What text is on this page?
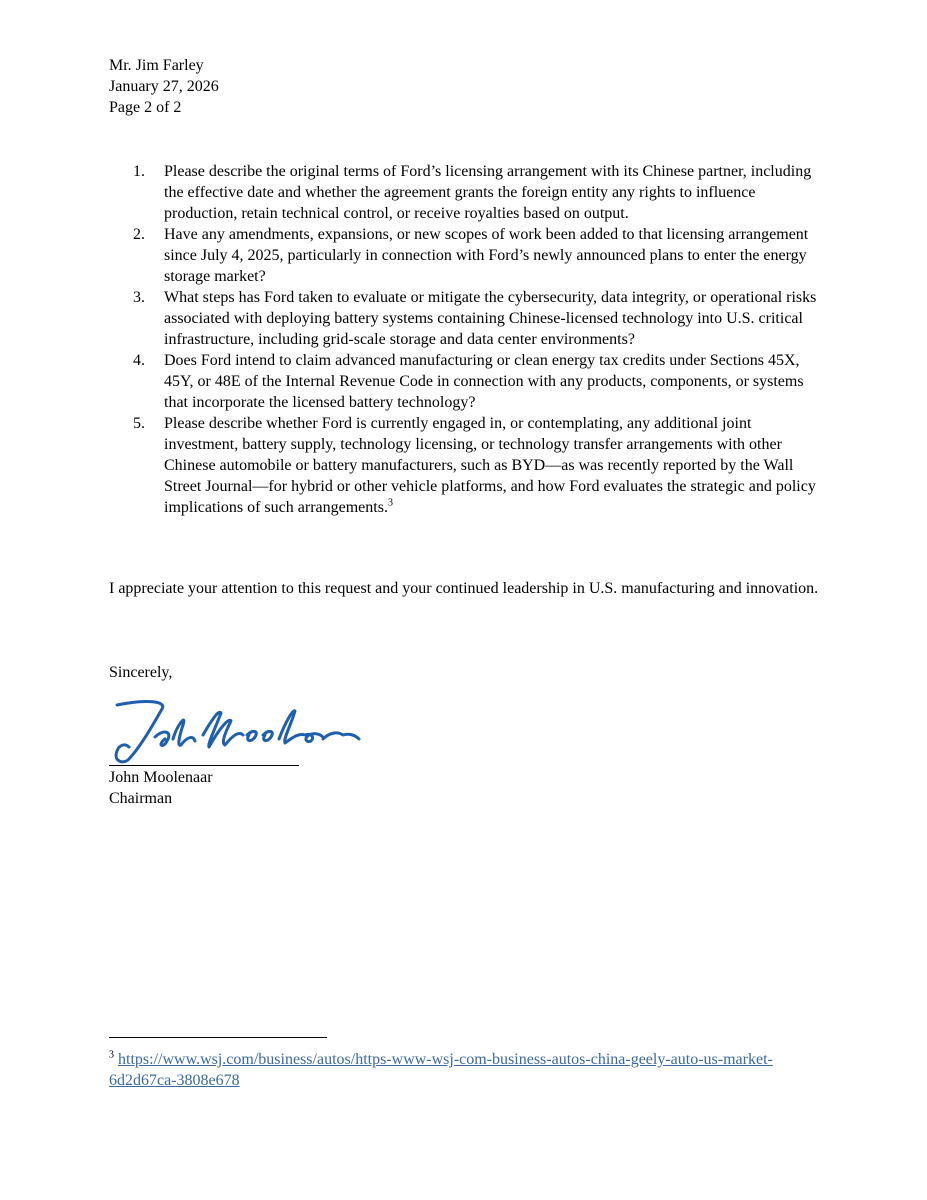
Mr. Jim Farley
January 27, 2026
Page 2 of 2
1. Please describe the original terms of Ford’s licensing arrangement with its Chinese partner, including the effective date and whether the agreement grants the foreign entity any rights to influence production, retain technical control, or receive royalties based on output.
2. Have any amendments, expansions, or new scopes of work been added to that licensing arrangement since July 4, 2025, particularly in connection with Ford’s newly announced plans to enter the energy storage market?
3. What steps has Ford taken to evaluate or mitigate the cybersecurity, data integrity, or operational risks associated with deploying battery systems containing Chinese-licensed technology into U.S. critical infrastructure, including grid-scale storage and data center environments?
4. Does Ford intend to claim advanced manufacturing or clean energy tax credits under Sections 45X, 45Y, or 48E of the Internal Revenue Code in connection with any products, components, or systems that incorporate the licensed battery technology?
5. Please describe whether Ford is currently engaged in, or contemplating, any additional joint investment, battery supply, technology licensing, or technology transfer arrangements with other Chinese automobile or battery manufacturers, such as BYD—as was recently reported by the Wall Street Journal—for hybrid or other vehicle platforms, and how Ford evaluates the strategic and policy implications of such arrangements.$^3$

I appreciate your attention to this request and your continued leadership in U.S. manufacturing and innovation.

Sincerely,
John Moolenaar
Chairman
$^3$ https://www.wsj.com/business/autos/https-www-wsj-com-business-autos-china-geely-auto-us-market-6d2d67ca-3808e678
